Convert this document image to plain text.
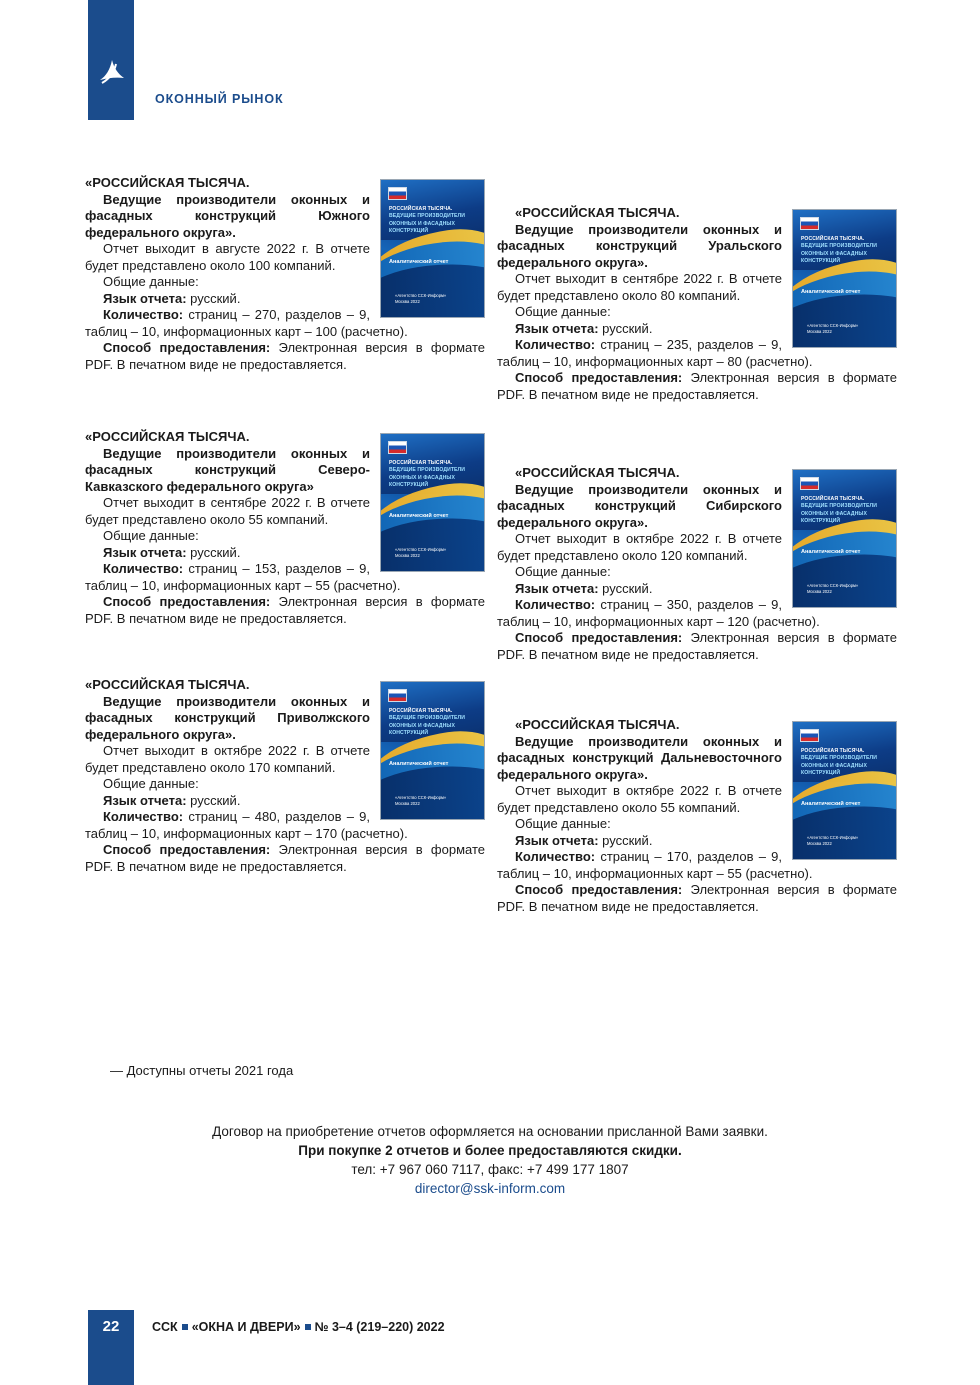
ОКОННЫЙ РЫНОК
РОССИЙСКАЯ ТЫСЯЧА.
ВЕДУЩИЕ ПРОИЗВОДИТЕЛИ ОКОННЫХ И ФАСАДНЫХ КОНСТРУКЦИЙ
Аналитический отчет
«Агентство ССК-Информ»
Москва 2022

«РОССИЙСКАЯ ТЫСЯЧА.

Ведущие производители оконных и фасадных конструкций Южного федерального округа».

Отчет выходит в августе 2022 г. В отчете будет представлено около 100 компаний.

Общие данные:

Язык отчета: русский.

Количество: страниц – 270, разделов – 9, таблиц – 10, информационных карт – 100 (расчетно).

Способ предоставления: Электронная версия в формате PDF. В печатном виде не предоставляется.

РОССИЙСКАЯ ТЫСЯЧА.
ВЕДУЩИЕ ПРОИЗВОДИТЕЛИ ОКОННЫХ И ФАСАДНЫХ КОНСТРУКЦИЙ
Аналитический отчет
«Агентство ССК-Информ»
Москва 2022

«РОССИЙСКАЯ ТЫСЯЧА.

Ведущие производители оконных и фасадных конструкций Северо-Кавказского федерального округа»

Отчет выходит в сентябре 2022 г. В отчете будет представлено около 55 компаний.

Общие данные:

Язык отчета: русский.

Количество: страниц – 153, разделов – 9, таблиц – 10, информационных карт – 55 (расчетно).

Способ предоставления: Электронная версия в формате PDF. В печатном виде не предоставляется.

РОССИЙСКАЯ ТЫСЯЧА.
ВЕДУЩИЕ ПРОИЗВОДИТЕЛИ ОКОННЫХ И ФАСАДНЫХ КОНСТРУКЦИЙ
Аналитический отчет
«Агентство ССК-Информ»
Москва 2022

«РОССИЙСКАЯ ТЫСЯЧА.

Ведущие производители оконных и фасадных конструкций Приволжского федерального округа».

Отчет выходит в октябре 2022 г. В отчете будет представлено около 170 компаний.

Общие данные:

Язык отчета: русский.

Количество: страниц – 480, разделов – 9, таблиц – 10, информационных карт – 170 (расчетно).

Способ предоставления: Электронная версия в формате PDF. В печатном виде не предоставляется.

РОССИЙСКАЯ ТЫСЯЧА.
ВЕДУЩИЕ ПРОИЗВОДИТЕЛИ ОКОННЫХ И ФАСАДНЫХ КОНСТРУКЦИЙ
Аналитический отчет
«Агентство ССК-Информ»
Москва 2022

«РОССИЙСКАЯ ТЫСЯЧА.

Ведущие производители оконных и фасадных конструкций Уральского федерального округа».

Отчет выходит в сентябре 2022 г. В отчете будет представлено около 80 компаний.

Общие данные:

Язык отчета: русский.

Количество: страниц – 235, разделов – 9, таблиц – 10, информационных карт – 80 (расчетно).

Способ предоставления: Электронная версия в формате PDF. В печатном виде не предоставляется.

РОССИЙСКАЯ ТЫСЯЧА.
ВЕДУЩИЕ ПРОИЗВОДИТЕЛИ ОКОННЫХ И ФАСАДНЫХ КОНСТРУКЦИЙ
Аналитический отчет
«Агентство ССК-Информ»
Москва 2022

«РОССИЙСКАЯ ТЫСЯЧА.

Ведущие производители оконных и фасадных конструкций Сибирского федерального округа».

Отчет выходит в октябре 2022 г. В отчете будет представлено около 120 компаний.

Общие данные:

Язык отчета: русский.

Количество: страниц – 350, разделов – 9, таблиц – 10, информационных карт – 120 (расчетно).

Способ предоставления: Электронная версия в формате PDF. В печатном виде не предоставляется.

РОССИЙСКАЯ ТЫСЯЧА.
ВЕДУЩИЕ ПРОИЗВОДИТЕЛИ ОКОННЫХ И ФАСАДНЫХ КОНСТРУКЦИЙ
Аналитический отчет
«Агентство ССК-Информ»
Москва 2022

«РОССИЙСКАЯ ТЫСЯЧА.

Ведущие производители оконных и фасадных конструкций Дальневосточного федерального округа».

Отчет выходит в октябре 2022 г. В отчете будет представлено около 55 компаний.

Общие данные:

Язык отчета: русский.

Количество: страниц – 170, разделов – 9, таблиц – 10, информационных карт – 55 (расчетно).

Способ предоставления: Электронная версия в формате PDF. В печатном виде не предоставляется.

— Доступны отчеты 2021 года
Договор на приобретение отчетов оформляется на основании присланной Вами заявки.
При покупке 2 отчетов и более предоставляются скидки.
тел: +7 967 060 7117, факс: +7 499 177 1807
director@ssk-inform.com
22	ССК «ОКНА И ДВЕРИ» № 3–4 (219–220) 2022
